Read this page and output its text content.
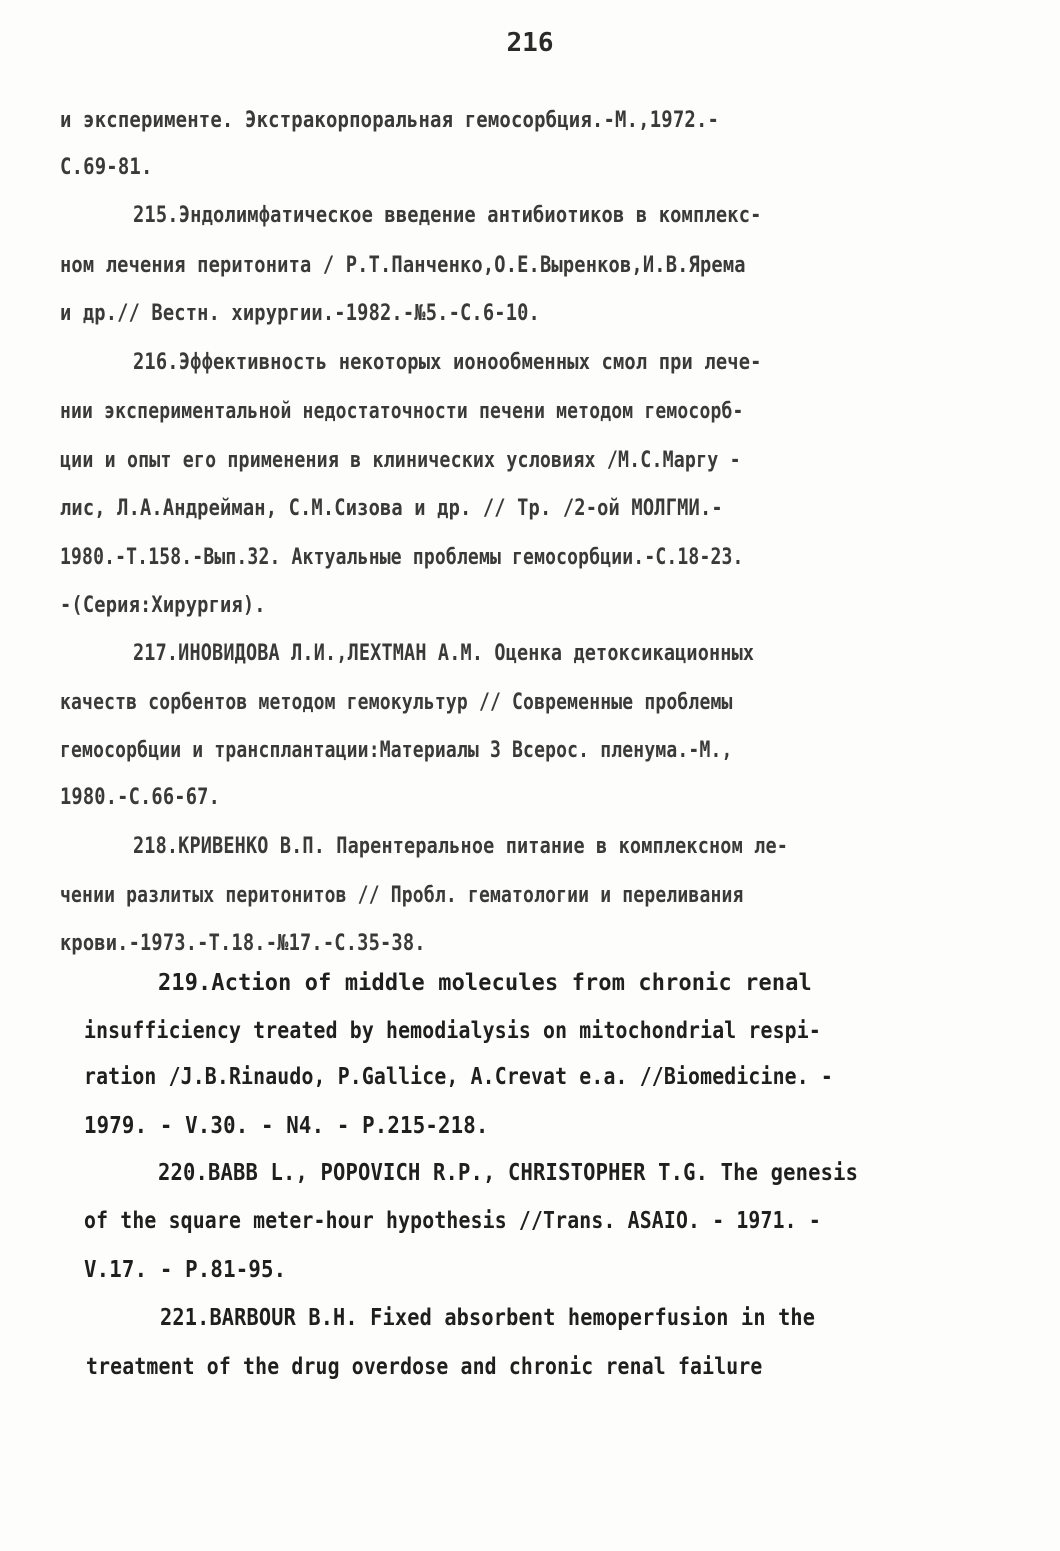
216
и эксперименте. Экстракорпоральная гемосорбция.-М.,1972.-
С.69-81.
215.Эндолимфатическое введение антибиотиков в комплекс-
ном лечения перитонита / Р.Т.Панченко,О.Е.Выренков,И.В.Ярема
и др.// Вестн. хирургии.-1982.-№5.-С.6-10.
216.Эффективность некоторых ионообменных смол при лече-
нии экспериментальной недостаточности печени методом гемосорб-
ции и опыт его применения в клинических условиях /М.С.Маргу -
лис, Л.А.Андрейман, С.М.Сизова и др. // Тр. /2-ой МОЛГМИ.-
1980.-Т.158.-Вып.32. Актуальные проблемы гемосорбции.-С.18-23.
-(Серия:Хирургия).
217.ИНОВИДОВА Л.И.,ЛЕХТМАН А.М. Оценка детоксикационных
качеств сорбентов методом гемокультур // Современные проблемы
гемосорбции и трансплантации:Материалы 3 Всерос. пленума.-М.,
1980.-С.66-67.
218.КРИВЕНКО В.П. Парентеральное питание в комплексном ле-
чении разлитых перитонитов // Пробл. гематологии и переливания
крови.-1973.-Т.18.-№17.-С.35-38.
219.Action of middle molecules from chronic renal
insufficiency treated by hemodialysis on mitochondrial respi-
ration /J.B.Rinaudo, P.Gallice, A.Crevat e.a. //Biomedicine. -
1979. - V.30. - N4. - P.215-218.
220.BABB L., POPOVICH R.P., CHRISTOPHER T.G. The genesis
of the square meter-hour hypothesis //Trans. ASAIO. - 1971. -
V.17. - P.81-95.
221.BARBOUR B.H. Fixed absorbent hemoperfusion in the
treatment of the drug overdose and chronic renal failure
